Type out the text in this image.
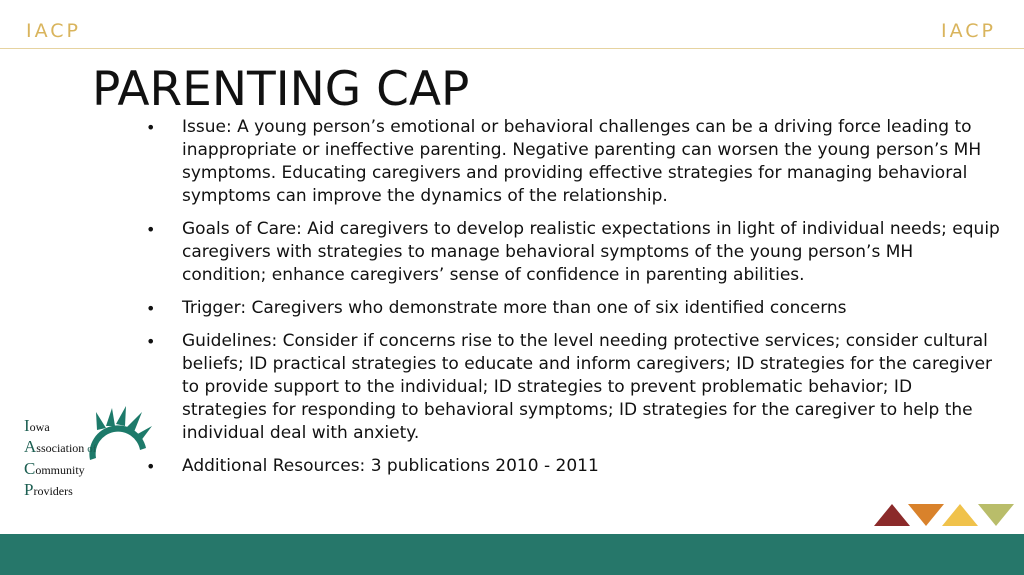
IACP	IACP
PARENTING CAP
• Issue: A young person’s emotional or behavioral challenges can be a driving force leading to inappropriate or ineffective parenting. Negative parenting can worsen the young person’s MH symptoms. Educating caregivers and providing effective strategies for managing behavioral symptoms can improve the dynamics of the relationship.
• Goals of Care: Aid caregivers to develop realistic expectations in light of individual needs; equip caregivers with strategies to manage behavioral symptoms of the young person’s MH condition; enhance caregivers’ sense of confidence in parenting abilities.
• Trigger: Caregivers who demonstrate more than one of six identified concerns
• Guidelines: Consider if concerns rise to the level needing protective services; consider cultural beliefs; ID practical strategies to educate and inform caregivers; ID strategies for the caregiver to provide support to the individual; ID strategies to prevent problematic behavior; ID strategies for responding to behavioral symptoms; ID strategies for the caregiver to help the individual deal with anxiety.
• Additional Resources: 3 publications 2010 - 2011
Iowa
Association of
Community
Providers
